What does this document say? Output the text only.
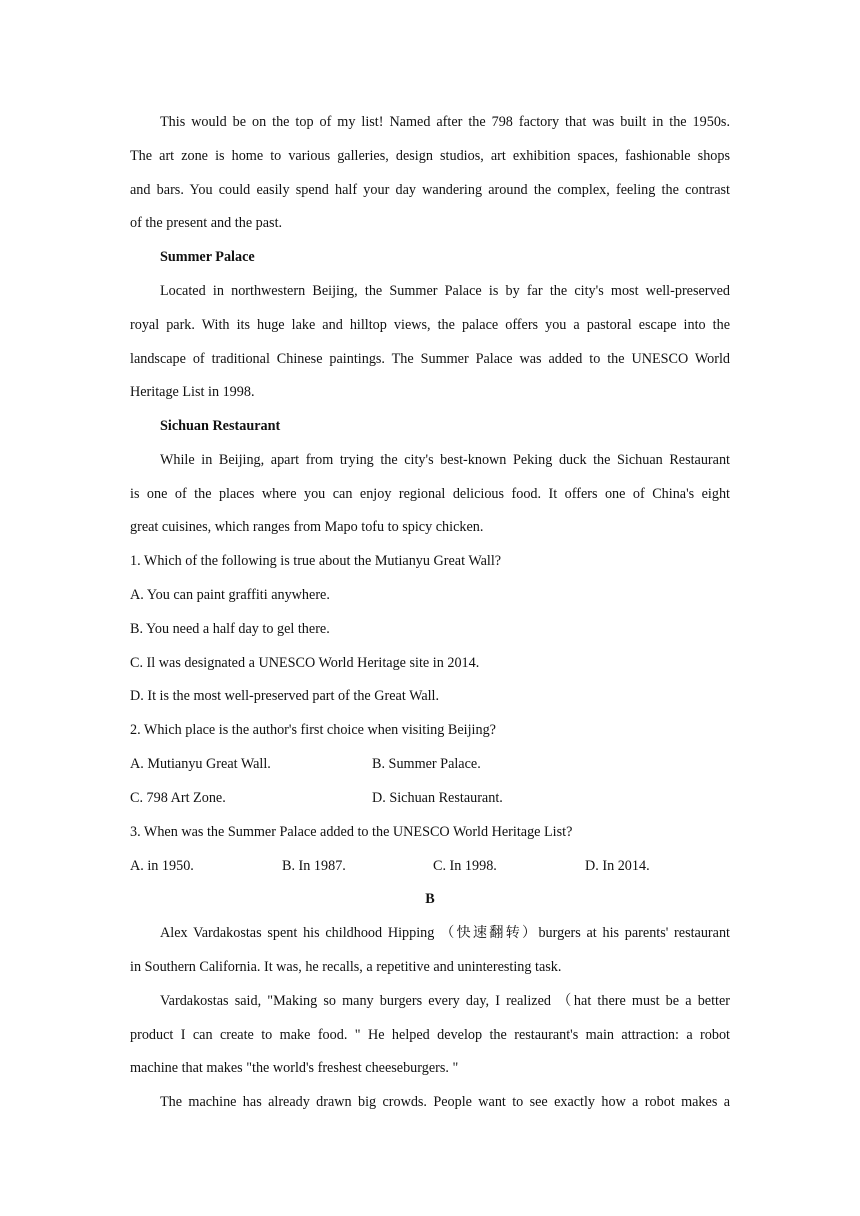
This would be on the top of my list! Named after the 798 factory that was built in the 1950s.
The art zone is home to various galleries, design studios, art exhibition spaces, fashionable shops
and bars. You could easily spend half your day wandering around the complex, feeling the contrast
of the present and the past.
Summer Palace
Located in northwestern Beijing, the Summer Palace is by far the city's most well-preserved
royal park. With its huge lake and hilltop views, the palace offers you a pastoral escape into the
landscape of traditional Chinese paintings. The Summer Palace was added to the UNESCO World
Heritage List in 1998.
Sichuan Restaurant
While in Beijing, apart from trying the city's best-known Peking duck the Sichuan Restaurant
is one of the places where you can enjoy regional delicious food. It offers one of China's eight
great cuisines, which ranges from Mapo tofu to spicy chicken.
1. Which of the following is true about the Mutianyu Great Wall?
A. You can paint graffiti anywhere.
B. You need a half day to gel there.
C. Il was designated a UNESCO World Heritage site in 2014.
D. It is the most well-preserved part of the Great Wall.
2. Which place is the author's first choice when visiting Beijing?
A. Mutianyu Great Wall.	B. Summer Palace.
C. 798 Art Zone.	D. Sichuan Restaurant.
3. When was the Summer Palace added to the UNESCO World Heritage List?
A. in 1950.	B. In 1987.	C. In 1998.	D. In 2014.
B
Alex Vardakostas spent his childhood Hipping （快速翻转）burgers at his parents' restaurant
in Southern California. It was, he recalls, a repetitive and uninteresting task.
Vardakostas said, "Making so many burgers every day, I realized （hat there must be a better
product I can create to make food. " He helped develop the restaurant's main attraction: a robot
machine that makes "the world's freshest cheeseburgers. "
The machine has already drawn big crowds. People want to see exactly how a robot makes a
